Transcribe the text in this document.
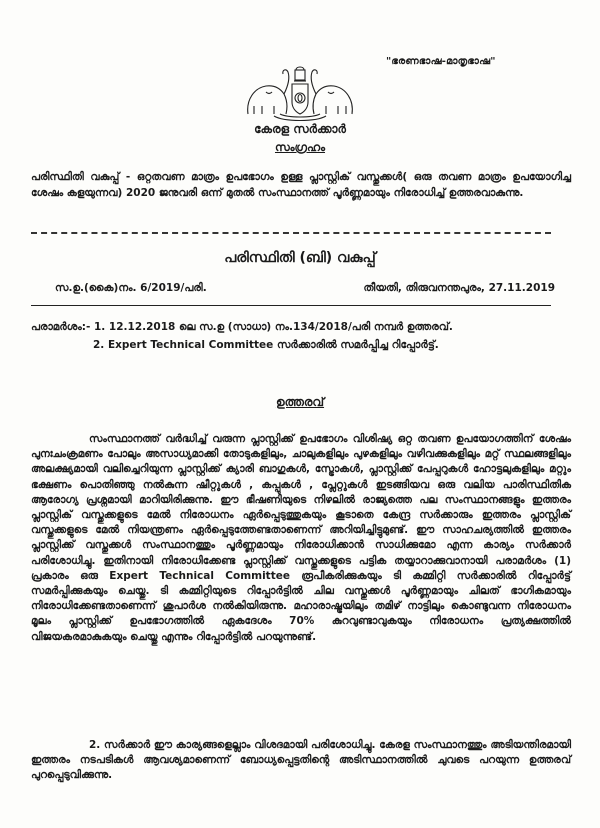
"ഭരണഭാഷ-മാതൃഭാഷ"
കേരള സർക്കാർ
സംഗ്രഹം
പരിസ്ഥിതി വകുപ്പ് - ഒറ്റതവണ മാത്രം ഉപഭോഗം ഉള്ള പ്ലാസ്റ്റിക് വസ്തുക്കൾ( ഒരു തവണ മാത്രം ഉപയോഗിച്ച ശേഷം കളയുന്നവ) 2020 ജനുവരി ഒന്ന് മുതൽ സംസ്ഥാനത്ത് പൂർണ്ണമായും നിരോധിച്ച് ഉത്തരവാകുന്നു.
പരിസ്ഥിതി (ബി) വകുപ്പ്
സ.ഉ.(കൈ)നം. 6/2019/പരി.	തീയതി, തിരുവനന്തപുരം, 27.11.2019
പരാമർശം:- 1. 12.12.2018 ലെ സ.ഉ (സാധാ) നം.134/2018/പരി നമ്പർ ഉത്തരവ്.
2. Expert Technical Committee സർക്കാരിൽ സമർപ്പിച്ച റിപ്പോർട്ട്.
ഉത്തരവ്
സംസ്ഥാനത്ത് വർദ്ധിച്ച് വരുന്ന പ്ലാസ്റ്റിക്ക് ഉപഭോഗം വിശിഷ്യ ഒറ്റ തവണ ഉപയോഗത്തിന് ശേഷം പുനഃചംക്രമണം പോലും അസാധ്യമാക്കി തോടുകളിലും, ചാലുകളിലും പുഴകളിലും വഴിവക്കുകളിലും മറ്റ് സ്ഥലങ്ങളിലും അലക്ഷ്യമായി വലിച്ചെറിയുന്ന പ്ലാസ്റ്റിക്ക് ക്യാരി ബാഗുകൾ, സ്ട്രോകൾ, പ്ലാസ്റ്റിക്ക് പേപ്പറുകൾ ഹോട്ടലുകളിലും മറ്റും ഭക്ഷണം പൊതിഞ്ഞു നൽകുന്ന ഷീറ്റുകൾ , കപ്പുകൾ , പ്ലേറ്റുകൾ ഇടങ്ങിയവ ഒരു വലിയ പാരിസ്ഥിതിക ആരോഗ്യ പ്രശ്നമായി മാറിയിരിക്കുന്നു. ഈ ഭീഷണിയുടെ നിഴലിൽ രാജ്യത്തെ പല സംസ്ഥാനങ്ങളും ഇത്തരം പ്ലാസ്റ്റിക് വസ്തുക്കളുടെ മേൽ നിരോധനം ഏർപ്പെടുത്തുകയും കൂടാതെ കേന്ദ്ര സർക്കാരും ഇത്തരം പ്ലാസ്റ്റിക് വസ്തുക്കളുടെ മേൽ നിയന്ത്രണം ഏർപ്പെടുത്തേണ്ടതാണെന്ന് അറിയിച്ചിട്ടുമുണ്ട്. ഈ സാഹചര്യത്തിൽ ഇത്തരം പ്ലാസ്റ്റിക്ക് വസ്തുക്കൾ സംസ്ഥാനത്തും പൂർണ്ണമായും നിരോധിക്കാൻ സാധിക്കുമോ എന്ന കാര്യം സർക്കാർ പരിശോധിച്ചു. ഇതിനായി നിരോധിക്കേണ്ട പ്ലാസ്റ്റിക്ക് വസ്തുക്കളുടെ പട്ടിക തയ്യാറാക്കുവാനായി പരാമർശം (1) പ്രകാരം ഒരു Expert Technical Committee രൂപീകരിക്കുകയും ടി കമ്മിറ്റി സർക്കാരിൽ റിപ്പോർട്ട് സമർപ്പിക്കുകയും ചെയ്തു. ടി കമ്മിറ്റിയുടെ റിപ്പോർട്ടിൽ ചില വസ്തുക്കൾ പൂർണ്ണമായും ചിലത് ഭാഗികമായും നിരോധിക്കേണ്ടതാണെന്ന് ശുപാർശ നൽകിയിരുന്നു. മഹാരാഷ്ട്രയിലും തമിഴ് നാട്ടിലും കൊണ്ടുവന്ന നിരോധനം മൂലം പ്ലാസ്റ്റിക്ക് ഉപഭോഗത്തിൽ ഏകദേശം 70% കുറവുണ്ടാവുകയും നിരോധനം പ്രത്യക്ഷത്തിൽ വിജയകരമാകുകയും ചെയ്തു എന്നും റിപ്പോർട്ടിൽ പറയുന്നുണ്ട്.
2. സർക്കാർ ഈ കാര്യങ്ങളെല്ലാം വിശദമായി പരിശോധിച്ചു. കേരള സംസ്ഥാനത്തും അടിയന്തിരമായി ഇത്തരം നടപടികൾ ആവശ്യമാണെന്ന് ബോധ്യപ്പെട്ടതിന്റെ അടിസ്ഥാനത്തിൽ ചുവടെ പറയുന്ന ഉത്തരവ് പുറപ്പെടുവിക്കുന്നു.
